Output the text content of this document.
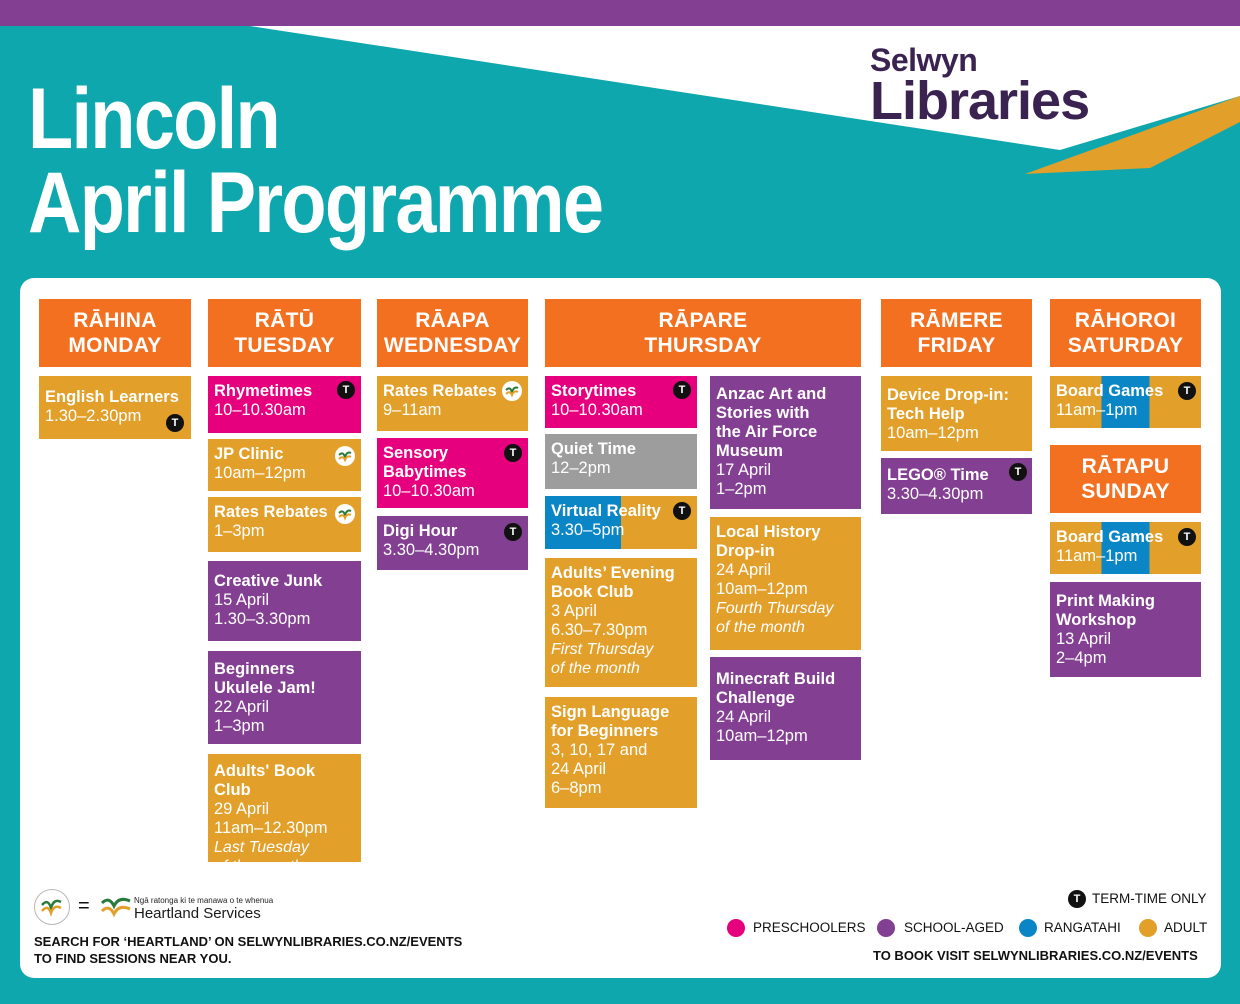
Lincoln
April Programme
Selwyn
Libraries
RĀHINA
MONDAY
RĀTŪ
TUESDAY
RĀAPA
WEDNESDAY
RĀPARE
THURSDAY
RĀMERE
FRIDAY
RĀHOROI
SATURDAY
RĀTAPU
SUNDAY
English Learners
1.30–2.30pm	T
Rhymetimes
10–10.30am
T
JP Clinic
10am–12pm
Rates Rebates
1–3pm
Creative Junk
15 April
1.30–3.30pm
Beginners
Ukulele Jam!
22 April
1–3pm
Adults' Book Club
29 April
11am–12.30pm
Last Tuesday
of the month
Rates Rebates
9–11am
Sensory
Babytimes
10–10.30am
T
Digi Hour
3.30–4.30pm
T
Storytimes
10–10.30am
T
Quiet Time
12–2pm
Virtual Reality
3.30–5pm
T
Adults’ Evening
Book Club
3 April
6.30–7.30pm
First Thursday
of the month
Sign Language
for Beginners
3, 10, 17 and
24 April
6–8pm
Anzac Art and
Stories with
the Air Force
Museum
17 April
1–2pm
Local History
Drop-in
24 April
10am–12pm
Fourth Thursday
of the month
Minecraft Build
Challenge
24 April
10am–12pm
Device Drop-in:
Tech Help
10am–12pm
LEGO® Time
3.30–4.30pm
T
Board Games
11am–1pm
T
Board Games
11am–1pm
T
Print Making
Workshop
13 April
2–4pm
=	Ngā ratonga ki te manawa o te whenua
Heartland Services
SEARCH FOR ‘HEARTLAND’ ON SELWYNLIBRARIES.CO.NZ/EVENTS
TO FIND SESSIONS NEAR YOU.
T TERM-TIME ONLY
PRESCHOOLERS	SCHOOL-AGED	RANGATAHI	ADULT
TO BOOK VISIT SELWYNLIBRARIES.CO.NZ/EVENTS
